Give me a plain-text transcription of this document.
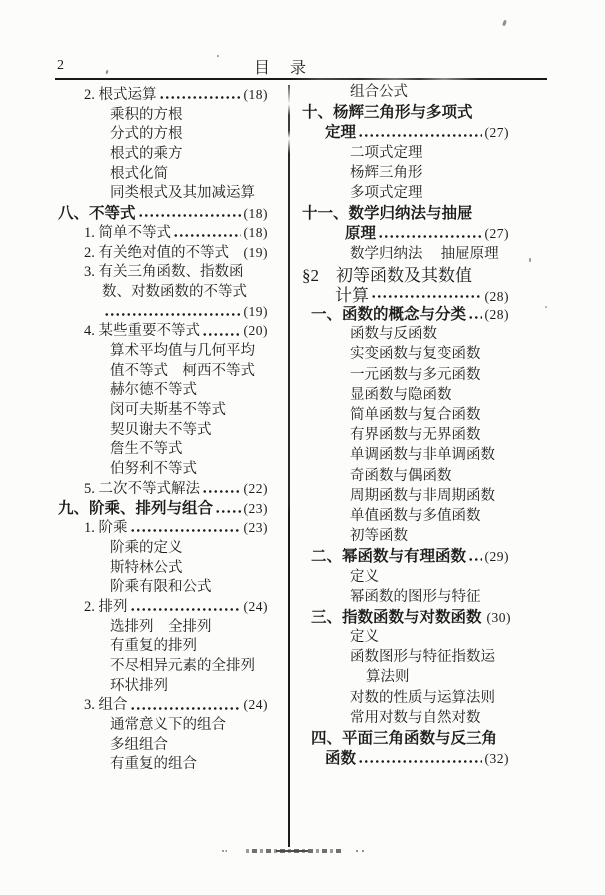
2	目　录
2. 根式运算	(18)
乘积的方根
分式的方根
根式的乘方
根式化简
同类根式及其加减运算
八、不等式	(18)
1. 简单不等式	(18)
2. 有关绝对值的不等式 (19)
3. 有关三角函数、指数函
数、对数函数的不等式
(19)
4. 某些重要不等式	(20)
算术平均值与几何平均
值不等式　柯西不等式
赫尔德不等式
闵可夫斯基不等式
契贝谢夫不等式
詹生不等式
伯努利不等式
5. 二次不等式解法	(22)
九、阶乘、排列与组合 (23)
1. 阶乘	(23)
阶乘的定义
斯特林公式
阶乘有限和公式
2. 排列	(24)
选排列　全排列
有重复的排列
不尽相异元素的全排列
环状排列
3. 组合	(24)
通常意义下的组合
多组组合
有重复的组合
组合公式
十、杨辉三角形与多项式
定理	(27)
二项式定理
杨辉三角形
多项式定理
十一、数学归纳法与抽屉
原理	(27)
数学归纳法　 抽屉原理
§2　初等函数及其数值
计算	(28)
一、函数的概念与分类 (28)
函数与反函数
实变函数与复变函数
一元函数与多元函数
显函数与隐函数
简单函数与复合函数
有界函数与无界函数
单调函数与非单调函数
奇函数与偶函数
周期函数与非周期函数
单值函数与多值函数
初等函数
二、幂函数与有理函数 (29)
定义
幂函数的图形与特征
三、指数函数与对数函数 (30)
定义
函数图形与特征指数运
算法则
对数的性质与运算法则
常用对数与自然对数
四、平面三角函数与反三角
函数	(32)
